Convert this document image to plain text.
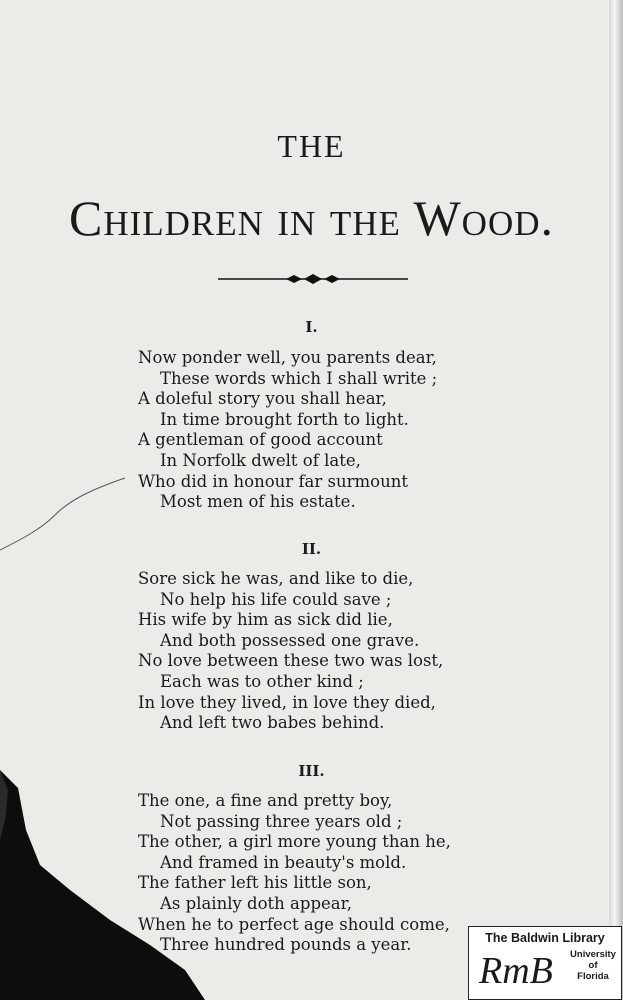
THE
Children in the Wood.
I.
Now ponder well, you parents dear,
These words which I shall write ;
A doleful story you shall hear,
In time brought forth to light.
A gentleman of good account
In Norfolk dwelt of late,
Who did in honour far surmount
Most men of his estate.
II.
Sore sick he was, and like to die,
No help his life could save ;
His wife by him as sick did lie,
And both possessed one grave.
No love between these two was lost,
Each was to other kind ;
In love they lived, in love they died,
And left two babes behind.
III.
The one, a fine and pretty boy,
Not passing three years old ;
The other, a girl more young than he,
And framed in beauty's mold.
The father left his little son,
As plainly doth appear,
When he to perfect age should come,
Three hundred pounds a year.	The Baldwin Library
RmB	University
of
Florida
